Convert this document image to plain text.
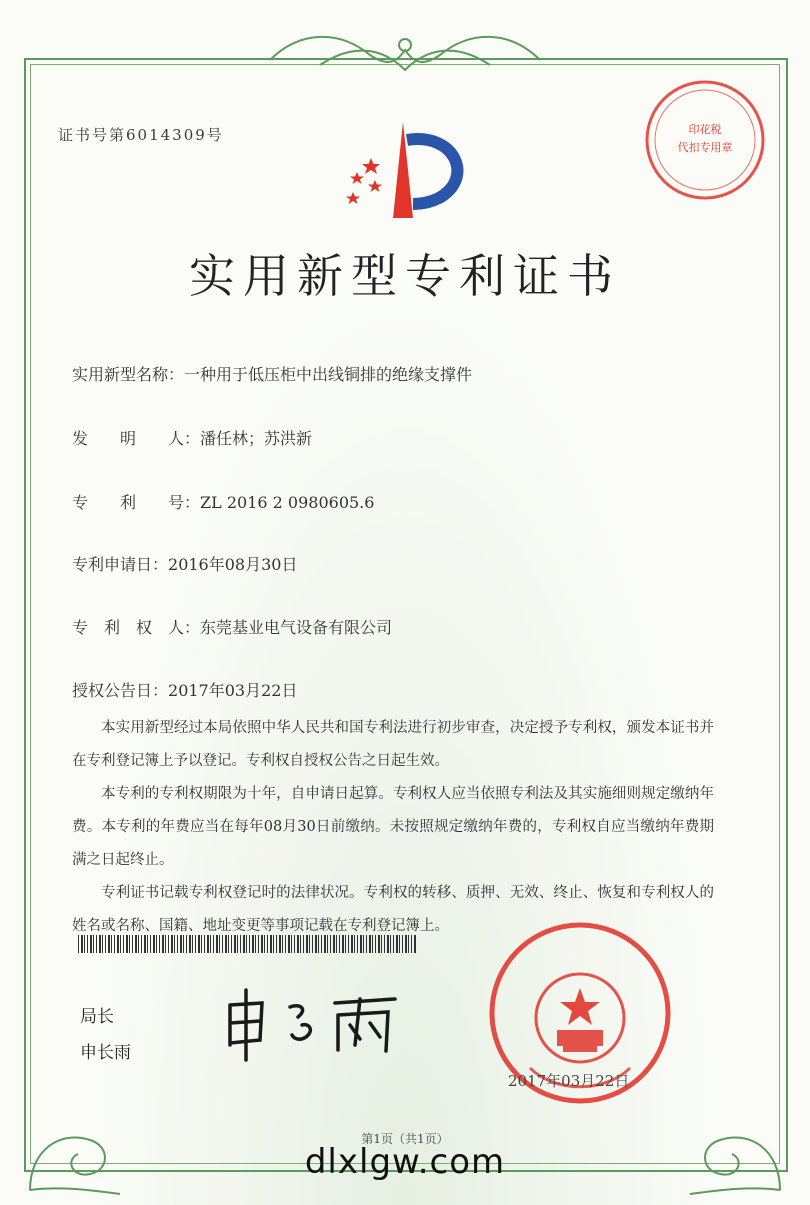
证书号第6014309号	印花税
代扣专用章
实用新型专利证书
实用新型名称：一种用于低压柜中出线铜排的绝缘支撑件
发　　明　　人：潘任林；苏洪新
专　　利　　号：ZL 2016 2 0980605.6
专利申请日：2016年08月30日
专　利　权　人：东莞基业电气设备有限公司
授权公告日：2017年03月22日

本实用新型经过本局依照中华人民共和国专利法进行初步审查，决定授予专利权，颁发本证书并在专利登记簿上予以登记。专利权自授权公告之日起生效。

本专利的专利权期限为十年，自申请日起算。专利权人应当依照专利法及其实施细则规定缴纳年费。本专利的年费应当在每年08月30日前缴纳。未按照规定缴纳年费的，专利权自应当缴纳年费期满之日起终止。

专利证书记载专利权登记时的法律状况。专利权的转移、质押、无效、终止、恢复和专利权人的姓名或名称、国籍、地址变更等事项记载在专利登记簿上。

局长
申长雨
2017年03月22日
第1页（共1页）
dlxlgw.com
